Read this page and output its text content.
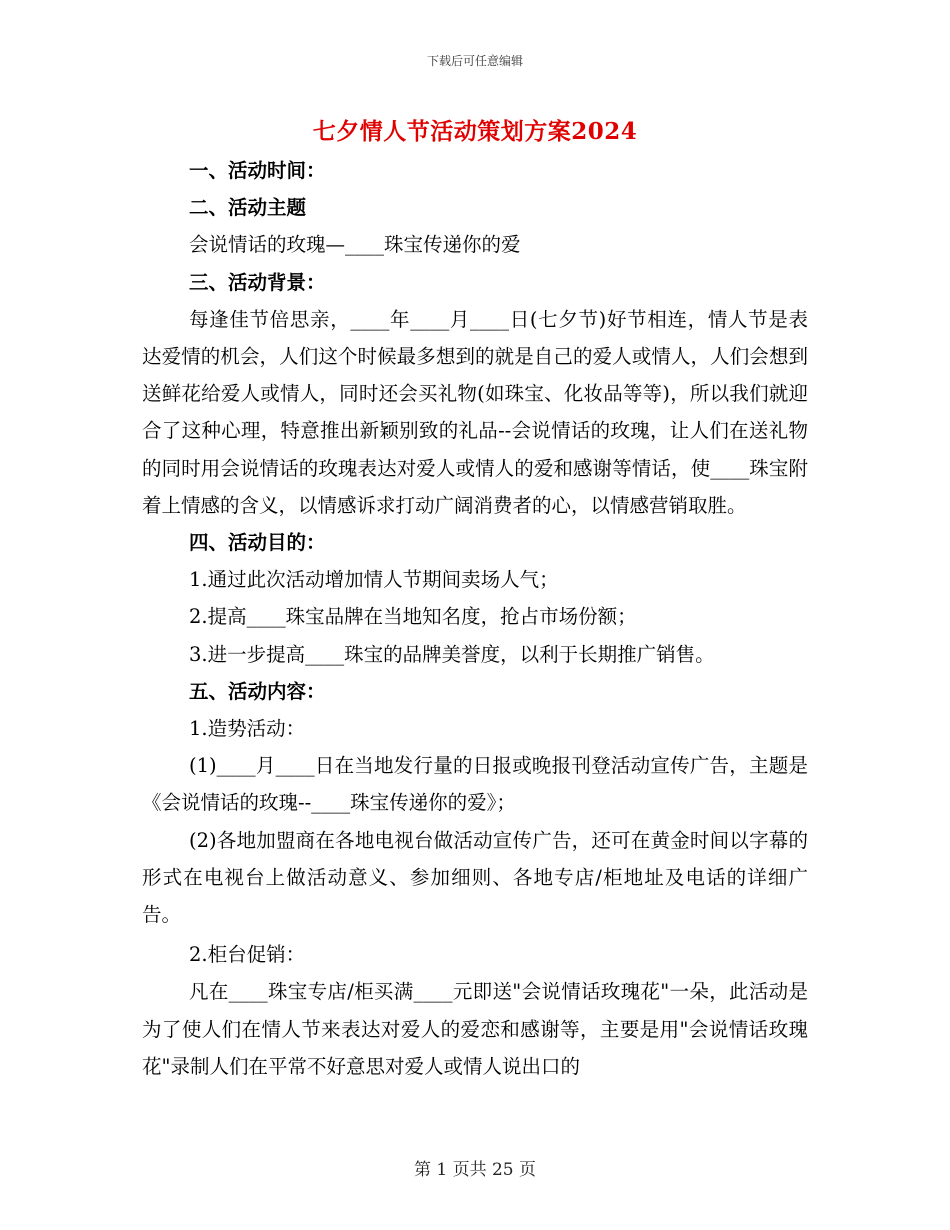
下载后可任意编辑
七夕情人节活动策划方案2024

一、活动时间：

二、活动主题

会说情话的玫瑰—____珠宝传递你的爱

三、活动背景：

每逢佳节倍思亲，____年____月____日(七夕节)好节相连，情人节是表达爱情的机会，人们这个时候最多想到的就是自己的爱人或情人，人们会想到送鲜花给爱人或情人，同时还会买礼物(如珠宝、化妆品等等)，所以我们就迎合了这种心理，特意推出新颖别致的礼品--会说情话的玫瑰，让人们在送礼物的同时用会说情话的玫瑰表达对爱人或情人的爱和感谢等情话，使____珠宝附着上情感的含义，以情感诉求打动广阔消费者的心，以情感营销取胜。

四、活动目的：

1.通过此次活动增加情人节期间卖场人气；

2.提高____珠宝品牌在当地知名度，抢占市场份额；

3.进一步提高____珠宝的品牌美誉度，以利于长期推广销售。

五、活动内容：

1.造势活动：

(1)____月____日在当地发行量的日报或晚报刊登活动宣传广告，主题是《会说情话的玫瑰--____珠宝传递你的爱》；

(2)各地加盟商在各地电视台做活动宣传广告，还可在黄金时间以字幕的形式在电视台上做活动意义、参加细则、各地专店/柜地址及电话的详细广告。

2.柜台促销：

凡在____珠宝专店/柜买满____元即送"会说情话玫瑰花"一朵，此活动是为了使人们在情人节来表达对爱人的爱恋和感谢等，主要是用"会说情话玫瑰花"录制人们在平常不好意思对爱人或情人说出口的

第 1 页共 25 页
